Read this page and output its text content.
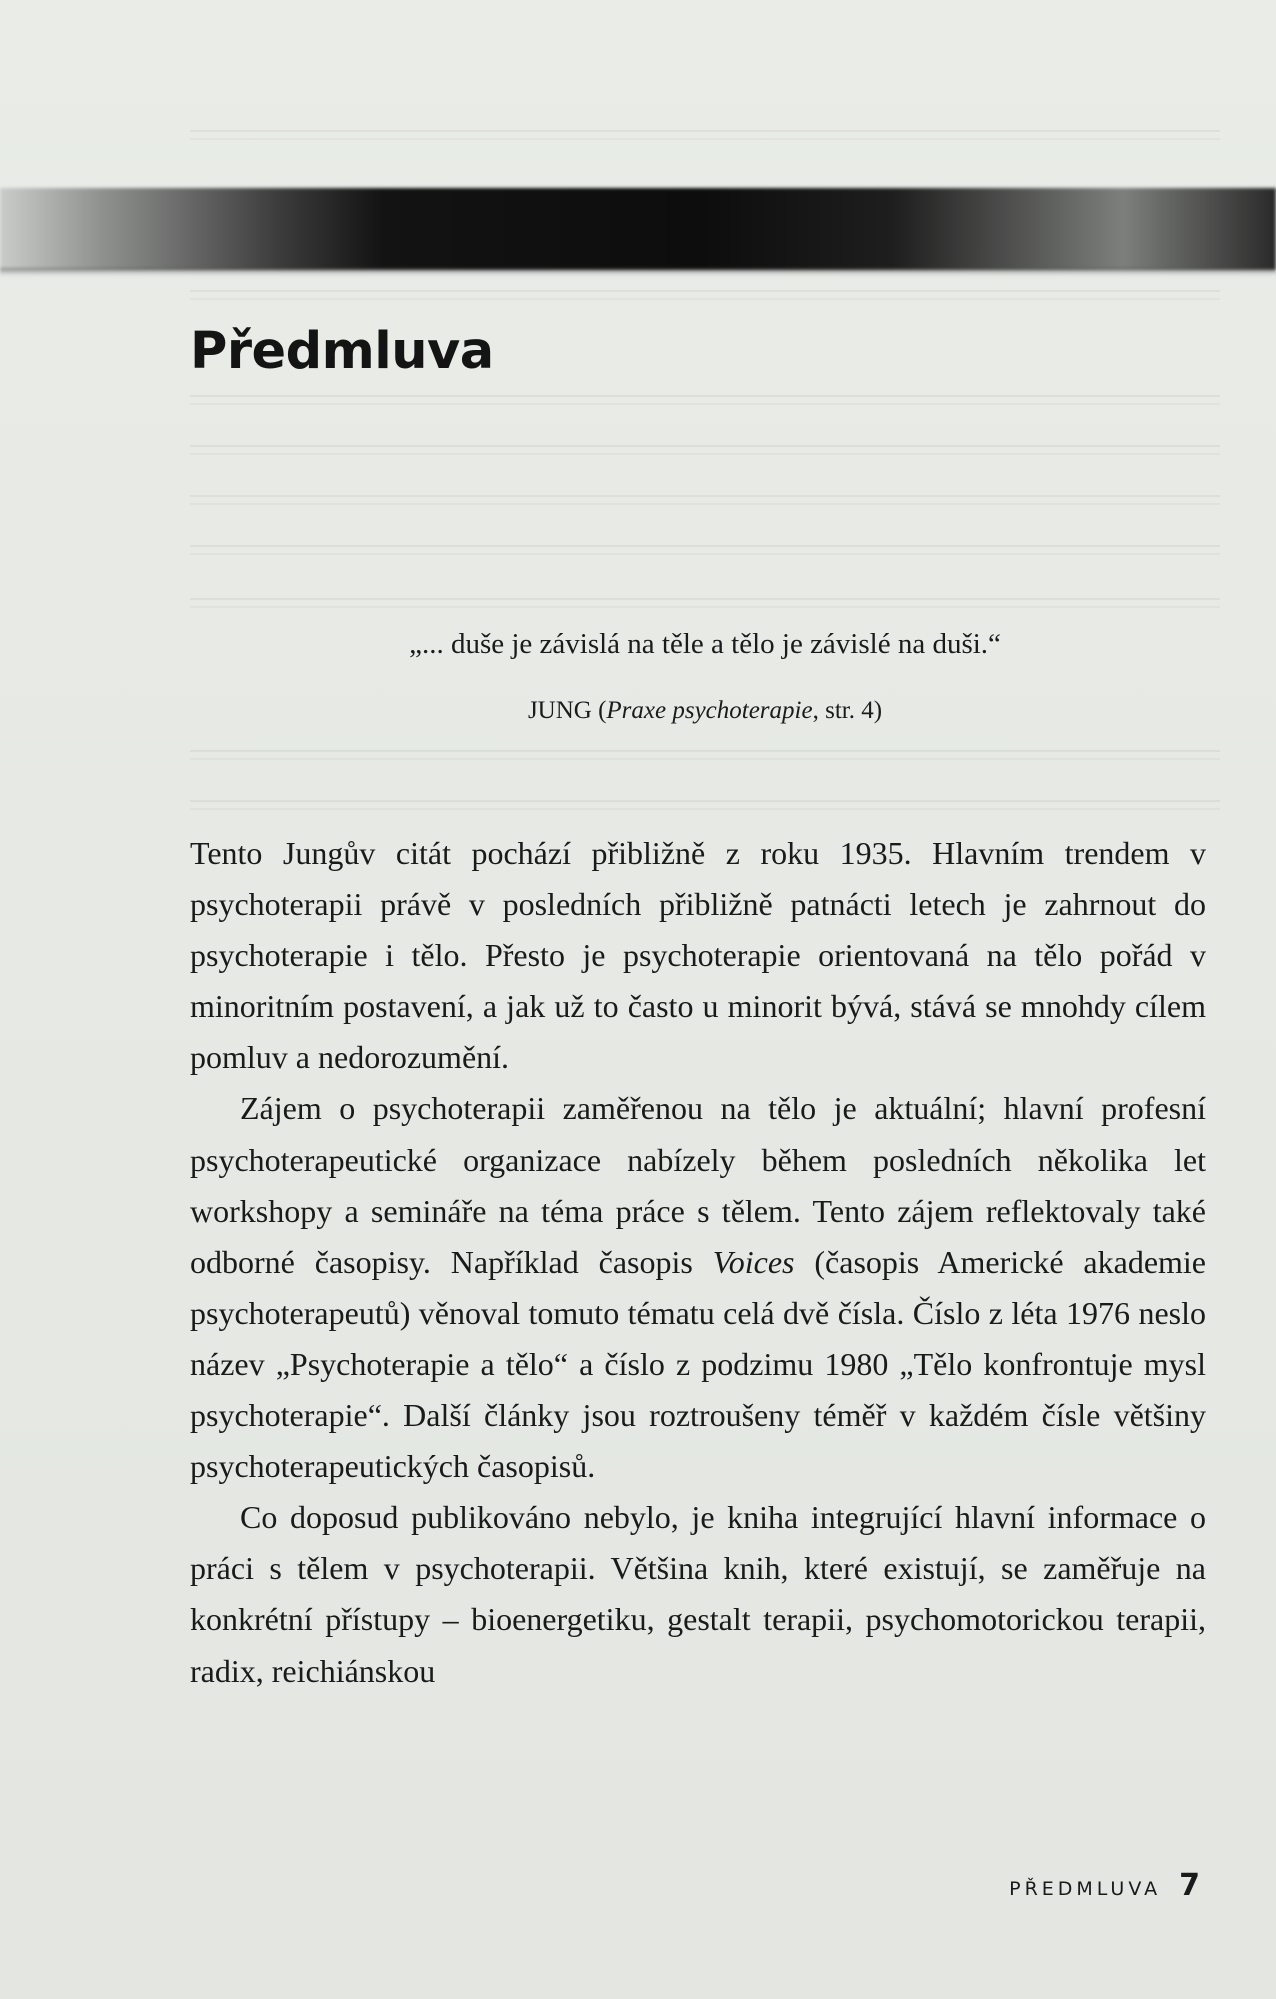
Předmluva
„... duše je závislá na těle a tělo je závislé na duši.“
JUNG (Praxe psychoterapie, str. 4)

Tento Jungův citát pochází přibližně z roku 1935. Hlavním trendem v psychoterapii právě v posledních přibližně patnácti letech je zahrnout do psychoterapie i tělo. Přesto je psychoterapie orientovaná na tělo pořád v minoritním postavení, a jak už to často u minorit bývá, stává se mnohdy cílem pomluv a nedorozumění.

Zájem o psychoterapii zaměřenou na tělo je aktuální; hlavní profesní psychoterapeutické organizace nabízely během posledních několika let workshopy a semináře na téma práce s tělem. Tento zájem reflektovaly také odborné časopisy. Například časopis Voices (časopis Americké akademie psychoterapeutů) věnoval tomuto tématu celá dvě čísla. Číslo z léta 1976 neslo název „Psychoterapie a tělo“ a číslo z podzimu 1980 „Tělo konfrontuje mysl psychoterapie“. Další články jsou roztroušeny téměř v každém čísle většiny psychoterapeutických časopisů.

Co doposud publikováno nebylo, je kniha integrující hlavní informace o práci s tělem v psychoterapii. Většina knih, které existují, se zaměřuje na konkrétní přístupy – bioenergetiku, gestalt terapii, psychomotorickou terapii, radix, reichiánskou

PŘEDMLUVA 7
